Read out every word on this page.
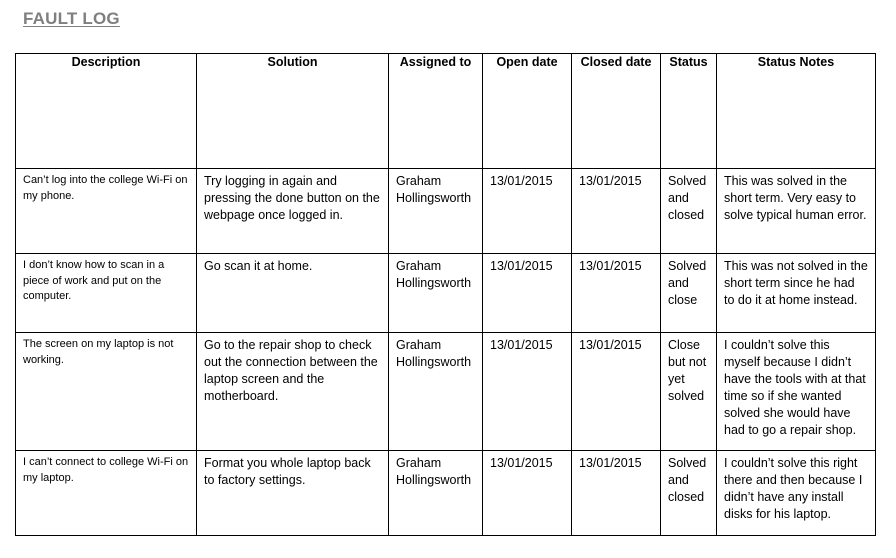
FAULT LOG
Description	Solution	Assigned to	Open date	Closed date	Status	Status Notes
Can’t log into the college Wi-Fi on my phone.	Try logging in again and pressing the done button on the webpage once logged in.	Graham Hollingsworth	13/01/2015	13/01/2015	Solved and closed	This was solved in the short term. Very easy to solve typical human error.
I don’t know how to scan in a piece of work and put on the computer.	Go scan it at home.	Graham Hollingsworth	13/01/2015	13/01/2015	Solved and close	This was not solved in the short term since he had to do it at home instead.
The screen on my laptop is not working.	Go to the repair shop to check out the connection between the laptop screen and the motherboard.	Graham Hollingsworth	13/01/2015	13/01/2015	Close but not yet solved	I couldn’t solve this myself because I didn’t have the tools with at that time so if she wanted solved she would have had to go a repair shop.
I can’t connect to college Wi-Fi on my laptop.	Format you whole laptop back to factory settings.	Graham Hollingsworth	13/01/2015	13/01/2015	Solved and closed	I couldn’t solve this right there and then because I didn’t have any install disks for his laptop.
